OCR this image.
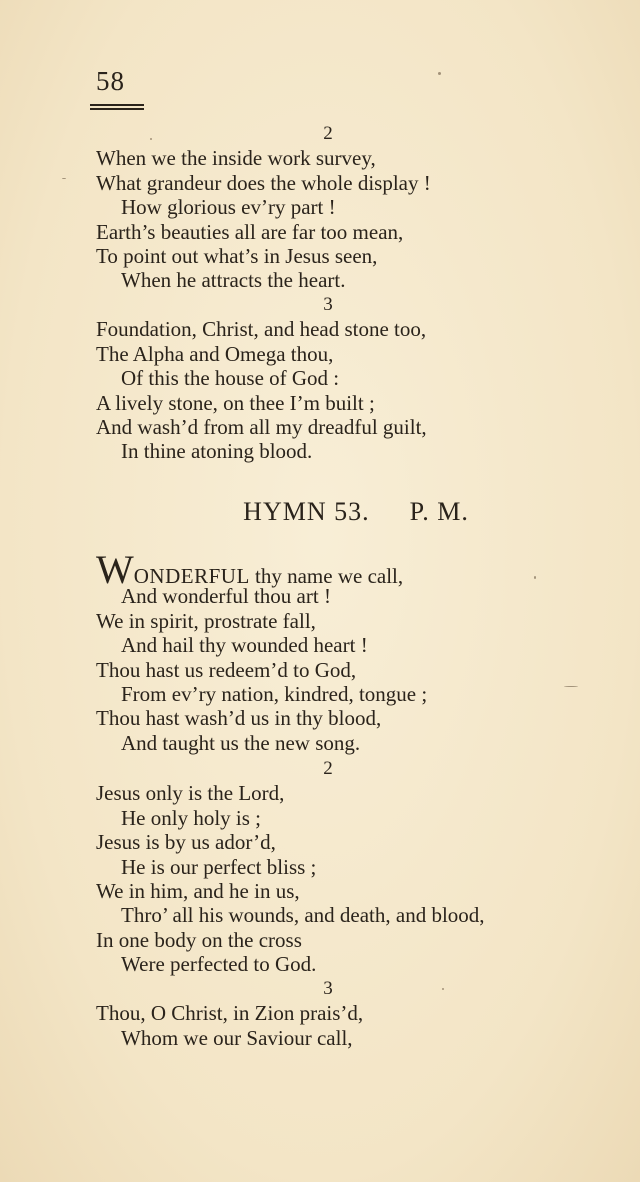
58
2
When we the inside work survey,
What grandeur does the whole display !
How glorious ev’ry part !
Earth’s beauties all are far too mean,
To point out what’s in Jesus seen,
When he attracts the heart.
3
Foundation, Christ, and head stone too,
The Alpha and Omega thou,
Of this the house of God :
A lively stone, on thee I’m built ;
And wash’d from all my dreadful guilt,
In thine atoning blood.
HYMN 53. P. M.
WONDERFUL thy name we call,
And wonderful thou art !
We in spirit, prostrate fall,
And hail thy wounded heart !
Thou hast us redeem’d to God,
From ev’ry nation, kindred, tongue ;
Thou hast wash’d us in thy blood,
And taught us the new song.
2
Jesus only is the Lord,
He only holy is ;
Jesus is by us ador’d,
He is our perfect bliss ;
We in him, and he in us,
Thro’ all his wounds, and death, and blood,
In one body on the cross
Were perfected to God.
3
Thou, O Christ, in Zion prais’d,
Whom we our Saviour call,
